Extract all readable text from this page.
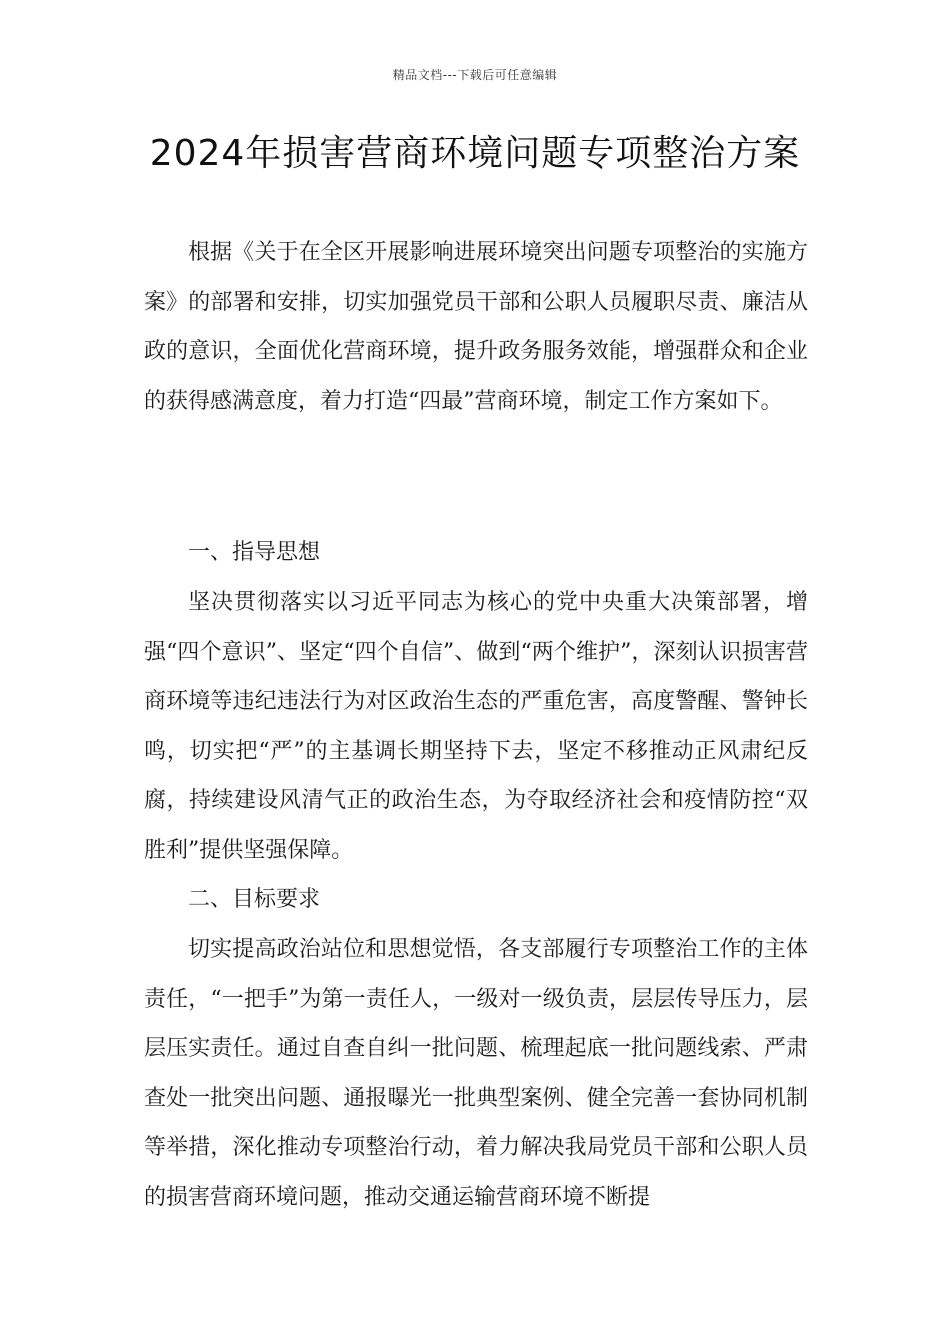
精品文档---下载后可任意编辑
2024年损害营商环境问题专项整治方案

根据《关于在全区开展影响进展环境突出问题专项整治的实施方案》的部署和安排，切实加强党员干部和公职人员履职尽责、廉洁从政的意识，全面优化营商环境，提升政务服务效能，增强群众和企业的获得感满意度，着力打造“四最”营商环境，制定工作方案如下。

一、指导思想

坚决贯彻落实以习近平同志为核心的党中央重大决策部署，增强“四个意识”、坚定“四个自信”、做到“两个维护”，深刻认识损害营商环境等违纪违法行为对区政治生态的严重危害，高度警醒、警钟长鸣，切实把“严”的主基调长期坚持下去，坚定不移推动正风肃纪反腐，持续建设风清气正的政治生态，为夺取经济社会和疫情防控“双胜利”提供坚强保障。

二、目标要求

切实提高政治站位和思想觉悟，各支部履行专项整治工作的主体责任，“一把手”为第一责任人，一级对一级负责，层层传导压力，层层压实责任。通过自查自纠一批问题、梳理起底一批问题线索、严肃查处一批突出问题、通报曝光一批典型案例、健全完善一套协同机制等举措，深化推动专项整治行动，着力解决我局党员干部和公职人员的损害营商环境问题，推动交通运输营商环境不断提
